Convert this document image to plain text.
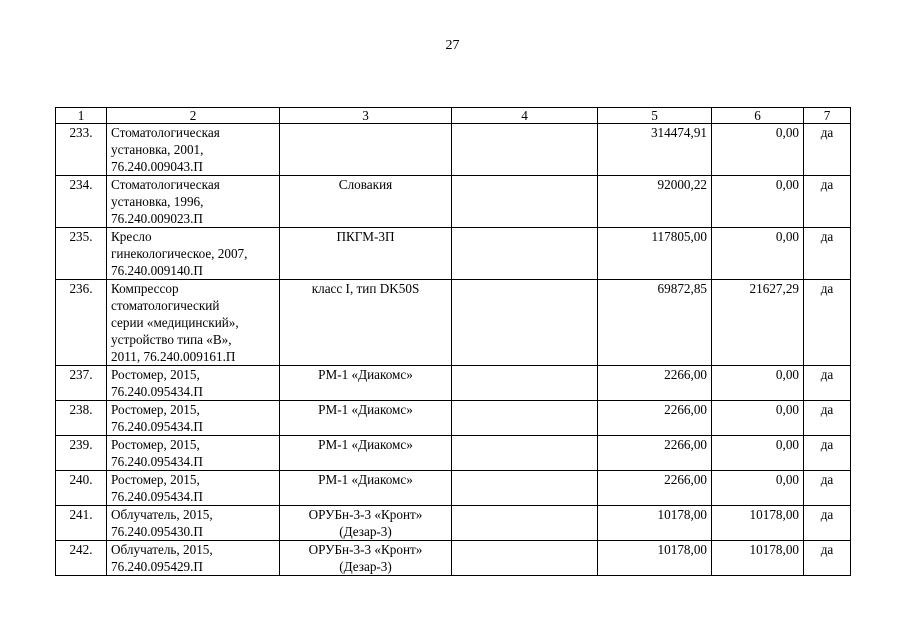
27
1	2	3	4	5	6	7
233.	Стоматологическая
установка, 2001,
76.240.009043.П			314474,91	0,00	да
234.	Стоматологическая
установка, 1996,
76.240.009023.П	Словакия		92000,22	0,00	да
235.	Кресло
гинекологическое, 2007,
76.240.009140.П	ПКГМ-3П		117805,00	0,00	да
236.	Компрессор
стоматологический
серии «медицинский»,
устройство типа «В»,
2011, 76.240.009161.П	класс I, тип DK50S		69872,85	21627,29	да
237.	Ростомер, 2015,
76.240.095434.П	РМ-1 «Диакомс»		2266,00	0,00	да
238.	Ростомер, 2015,
76.240.095434.П	РМ-1 «Диакомс»		2266,00	0,00	да
239.	Ростомер, 2015,
76.240.095434.П	РМ-1 «Диакомс»		2266,00	0,00	да
240.	Ростомер, 2015,
76.240.095434.П	РМ-1 «Диакомс»		2266,00	0,00	да
241.	Облучатель, 2015,
76.240.095430.П	ОРУБн-3-3 «Кронт»
(Дезар-3)		10178,00	10178,00	да
242.	Облучатель, 2015,
76.240.095429.П	ОРУБн-3-3 «Кронт»
(Дезар-3)		10178,00	10178,00	да
